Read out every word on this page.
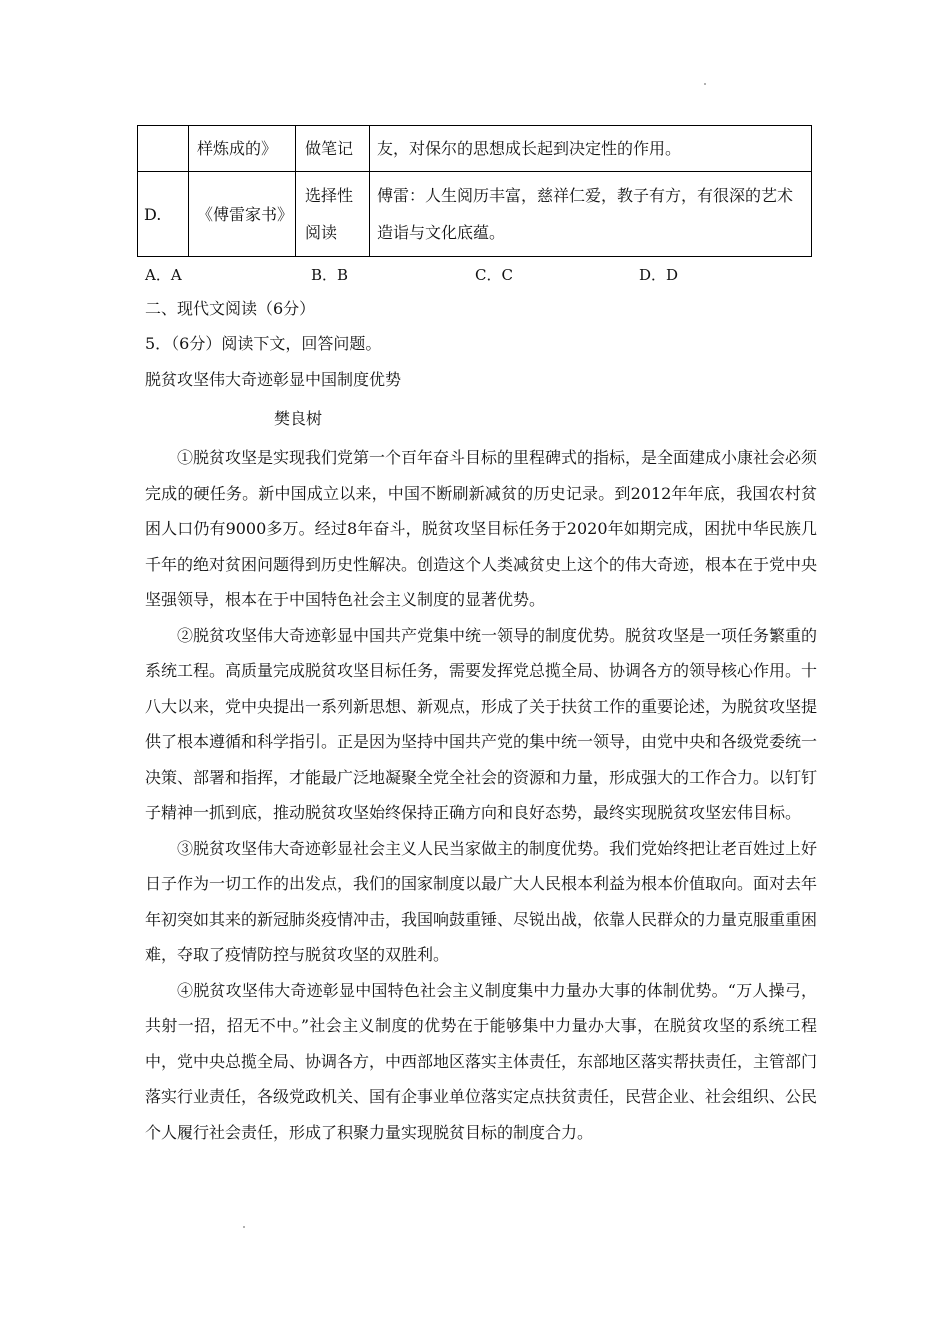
	样炼成的》	做笔记	友，对保尔的思想成长起到决定性的作用。
D.	《傅雷家书》	选择性阅读	傅雷：人生阅历丰富，慈祥仁爱，教子有方，有很深的艺术造诣与文化底蕴。
A．A	B．B	C．C	D．D
二、现代文阅读（6分）
5．（6分）阅读下文，回答问题。
脱贫攻坚伟大奇迹彰显中国制度优势
樊良树

①脱贫攻坚是实现我们党第一个百年奋斗目标的里程碑式的指标，是全面建成小康社会必须完成的硬任务。新中国成立以来，中国不断刷新减贫的历史记录。到2012年年底，我国农村贫困人口仍有9000多万。经过8年奋斗，脱贫攻坚目标任务于2020年如期完成，困扰中华民族几千年的绝对贫困问题得到历史性解决。创造这个人类减贫史上这个的伟大奇迹，根本在于党中央坚强领导，根本在于中国特色社会主义制度的显著优势。

②脱贫攻坚伟大奇迹彰显中国共产党集中统一领导的制度优势。脱贫攻坚是一项任务繁重的系统工程。高质量完成脱贫攻坚目标任务，需要发挥党总揽全局、协调各方的领导核心作用。十八大以来，党中央提出一系列新思想、新观点，形成了关于扶贫工作的重要论述，为脱贫攻坚提供了根本遵循和科学指引。正是因为坚持中国共产党的集中统一领导，由党中央和各级党委统一决策、部署和指挥，才能最广泛地凝聚全党全社会的资源和力量，形成强大的工作合力。以钉钉子精神一抓到底，推动脱贫攻坚始终保持正确方向和良好态势，最终实现脱贫攻坚宏伟目标。

③脱贫攻坚伟大奇迹彰显社会主义人民当家做主的制度优势。我们党始终把让老百姓过上好日子作为一切工作的出发点，我们的国家制度以最广大人民根本利益为根本价值取向。面对去年年初突如其来的新冠肺炎疫情冲击，我国响鼓重锤、尽锐出战，依靠人民群众的力量克服重重困难，夺取了疫情防控与脱贫攻坚的双胜利。

④脱贫攻坚伟大奇迹彰显中国特色社会主义制度集中力量办大事的体制优势。“万人操弓，共射一招，招无不中。”社会主义制度的优势在于能够集中力量办大事，在脱贫攻坚的系统工程中，党中央总揽全局、协调各方，中西部地区落实主体责任，东部地区落实帮扶责任，主管部门落实行业责任，各级党政机关、国有企事业单位落实定点扶贫责任，民营企业、社会组织、公民个人履行社会责任，形成了积聚力量实现脱贫目标的制度合力。
